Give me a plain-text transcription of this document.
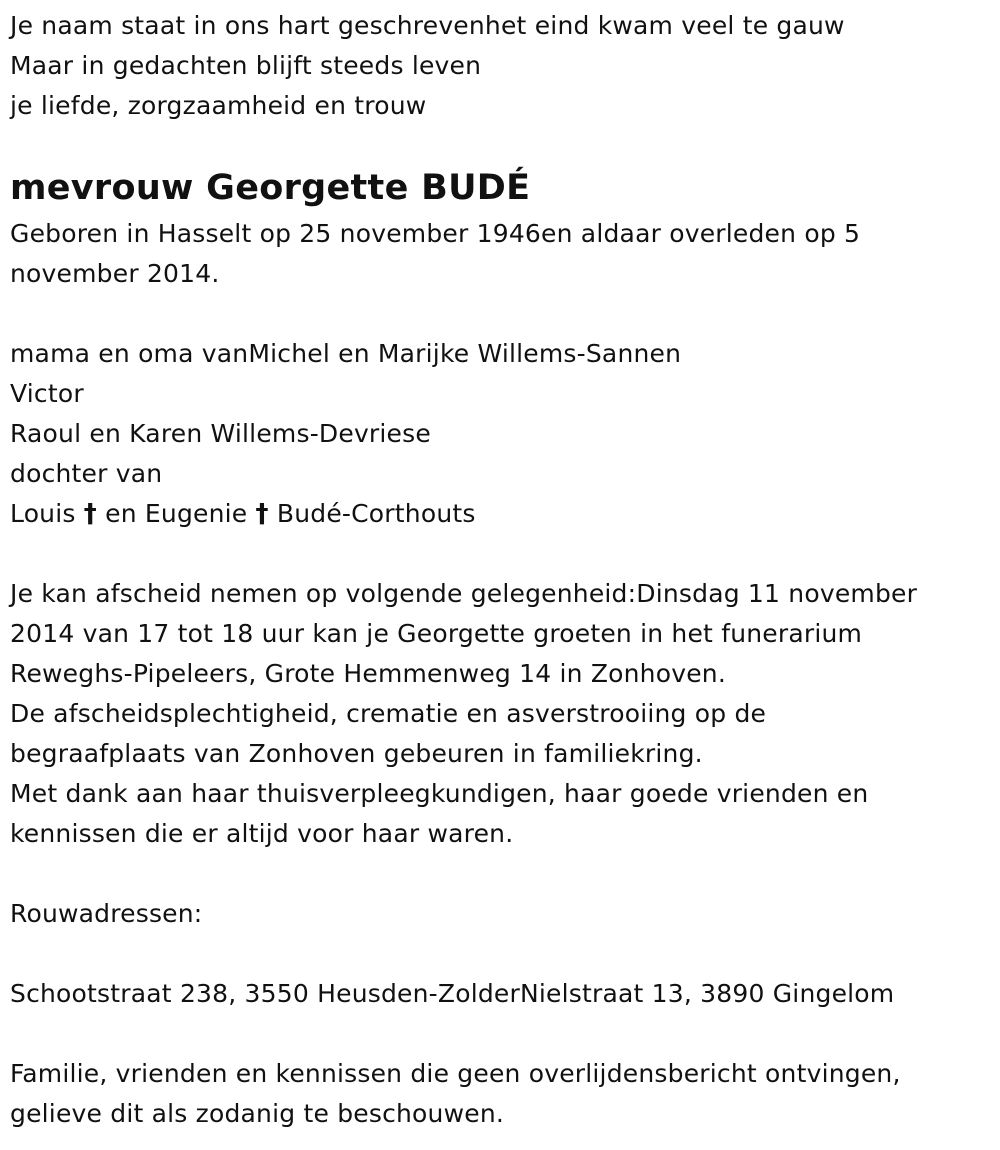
Je naam staat in ons hart geschrevenhet eind kwam veel te gauw
Maar in gedachten blijft steeds leven
je liefde, zorgzaamheid en trouw
mevrouw Georgette BUDÉ
Geboren in Hasselt op 25 november 1946en aldaar overleden op 5
november 2014.
mama en oma vanMichel en Marijke Willems-Sannen
Victor
Raoul en Karen Willems-Devriese
dochter van
Louis † en Eugenie † Budé-Corthouts
Je kan afscheid nemen op volgende gelegenheid:Dinsdag 11 november
2014 van 17 tot 18 uur kan je Georgette groeten in het funerarium
Reweghs-Pipeleers, Grote Hemmenweg 14 in Zonhoven.
De afscheidsplechtigheid, crematie en asverstrooiing op de
begraafplaats van Zonhoven gebeuren in familiekring.
Met dank aan haar thuisverpleegkundigen, haar goede vrienden en
kennissen die er altijd voor haar waren.
Rouwadressen:
Schootstraat 238, 3550 Heusden-ZolderNielstraat 13, 3890 Gingelom
Familie, vrienden en kennissen die geen overlijdensbericht ontvingen,
gelieve dit als zodanig te beschouwen.
